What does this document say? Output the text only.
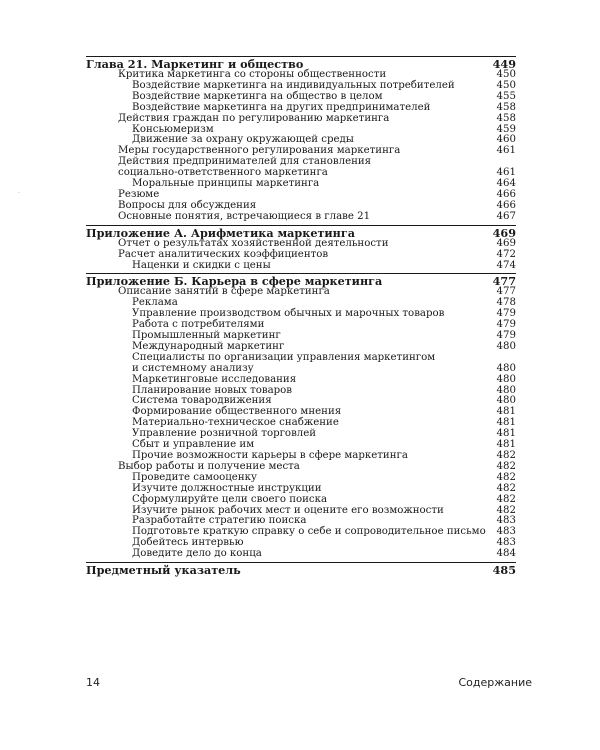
Глава 21. Маркетинг и общество	449
Критика маркетинга со стороны общественности	450
Воздействие маркетинга на индивидуальных потребителей	450
Воздействие маркетинга на общество в целом	455
Воздействие маркетинга на других предпринимателей	458
Действия граждан по регулированию маркетинга	458
Консьюмеризм	459
Движение за охрану окружающей среды	460
Меры государственного регулирования маркетинга	461
Действия предпринимателей для становления
социально-ответственного маркетинга	461
Моральные принципы маркетинга	464
Резюме	466
Вопросы для обсуждения	466
Основные понятия, встречающиеся в главе 21	467
Приложение А. Арифметика маркетинга	469
Отчет о результатах хозяйственной деятельности	469
Расчет аналитических коэффициентов	472
Наценки и скидки с цены	474
Приложение Б. Карьера в сфере маркетинга	477
Описание занятий в сфере маркетинга	477
Реклама	478
Управление производством обычных и марочных товаров	479
Работа с потребителями	479
Промышленный маркетинг	479
Международный маркетинг	480
Специалисты по организации управления маркетингом
и системному анализу	480
Маркетинговые исследования	480
Планирование новых товаров	480
Система товародвижения	480
Формирование общественного мнения	481
Материально-техническое снабжение	481
Управление розничной торговлей	481
Сбыт и управление им	481
Прочие возможности карьеры в сфере маркетинга	482
Выбор работы и получение места	482
Проведите самооценку	482
Изучите должностные инструкции	482
Сформулируйте цели своего поиска	482
Изучите рынок рабочих мест и оцените его возможности	482
Разработайте стратегию поиска	483
Подготовьте краткую справку о себе и сопроводительное письмо	483
Добейтесь интервью	483
Доведите дело до конца	484
Предметный указатель	485
·
14	Содержание
